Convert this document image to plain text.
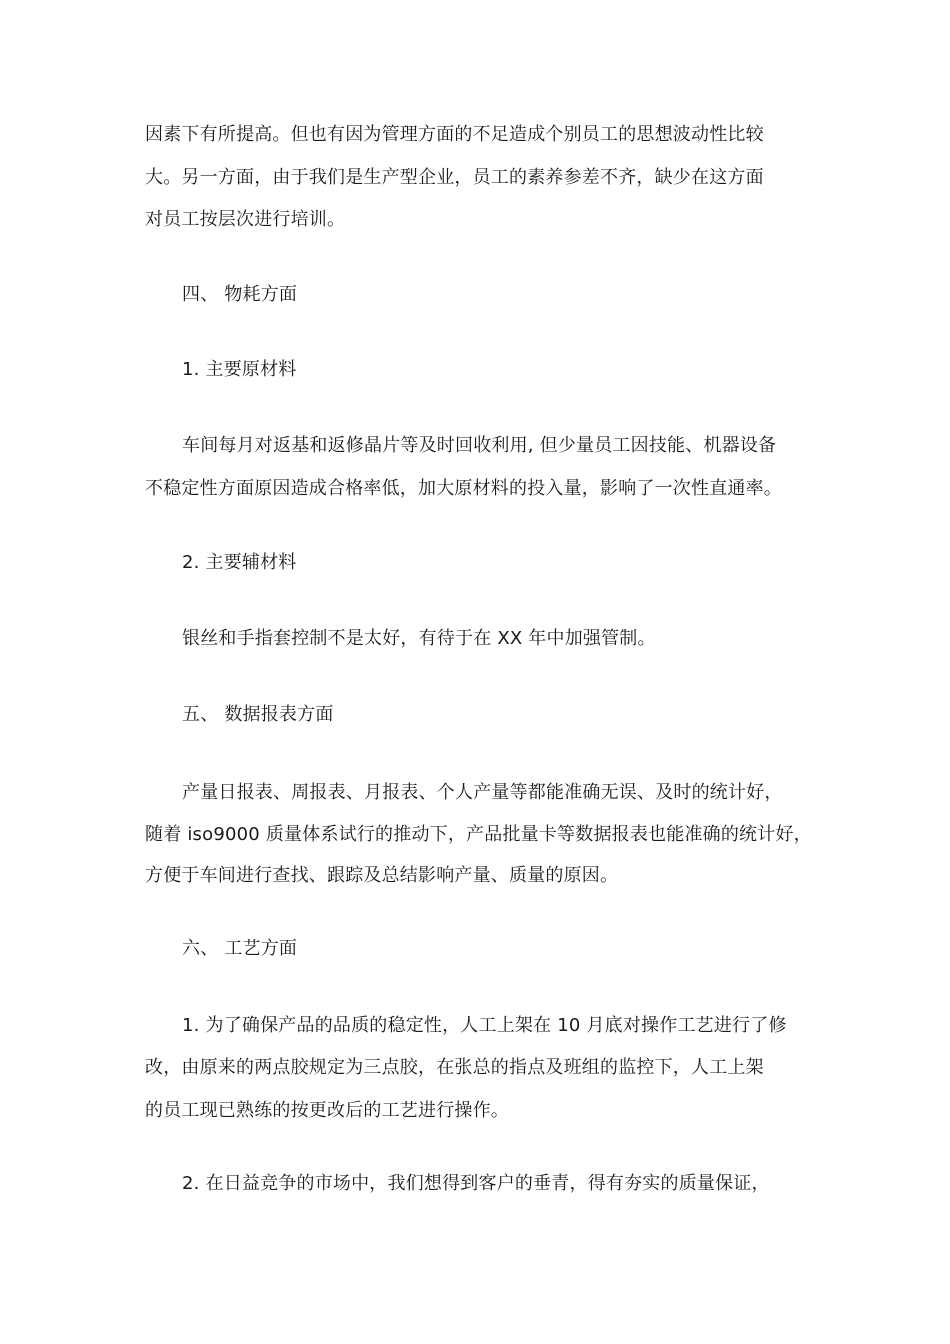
因素下有所提高。但也有因为管理方面的不足造成个别员工的思想波动性比较
大。另一方面，由于我们是生产型企业，员工的素养参差不齐，缺少在这方面
对员工按层次进行培训。
四、 物耗方面
1. 主要原材料
车间每月对返基和返修晶片等及时回收利用, 但少量员工因技能、机器设备
不稳定性方面原因造成合格率低，加大原材料的投入量，影响了一次性直通率。
2. 主要辅材料
银丝和手指套控制不是太好，有待于在 XX 年中加强管制。
五、 数据报表方面
产量日报表、周报表、月报表、个人产量等都能准确无误、及时的统计好，
随着 iso9000 质量体系试行的推动下，产品批量卡等数据报表也能准确的统计好，
方便于车间进行查找、跟踪及总结影响产量、质量的原因。
六、 工艺方面
1. 为了确保产品的品质的稳定性，人工上架在 10 月底对操作工艺进行了修
改，由原来的两点胶规定为三点胶，在张总的指点及班组的监控下，人工上架
的员工现已熟练的按更改后的工艺进行操作。
2. 在日益竞争的市场中，我们想得到客户的垂青，得有夯实的质量保证，
